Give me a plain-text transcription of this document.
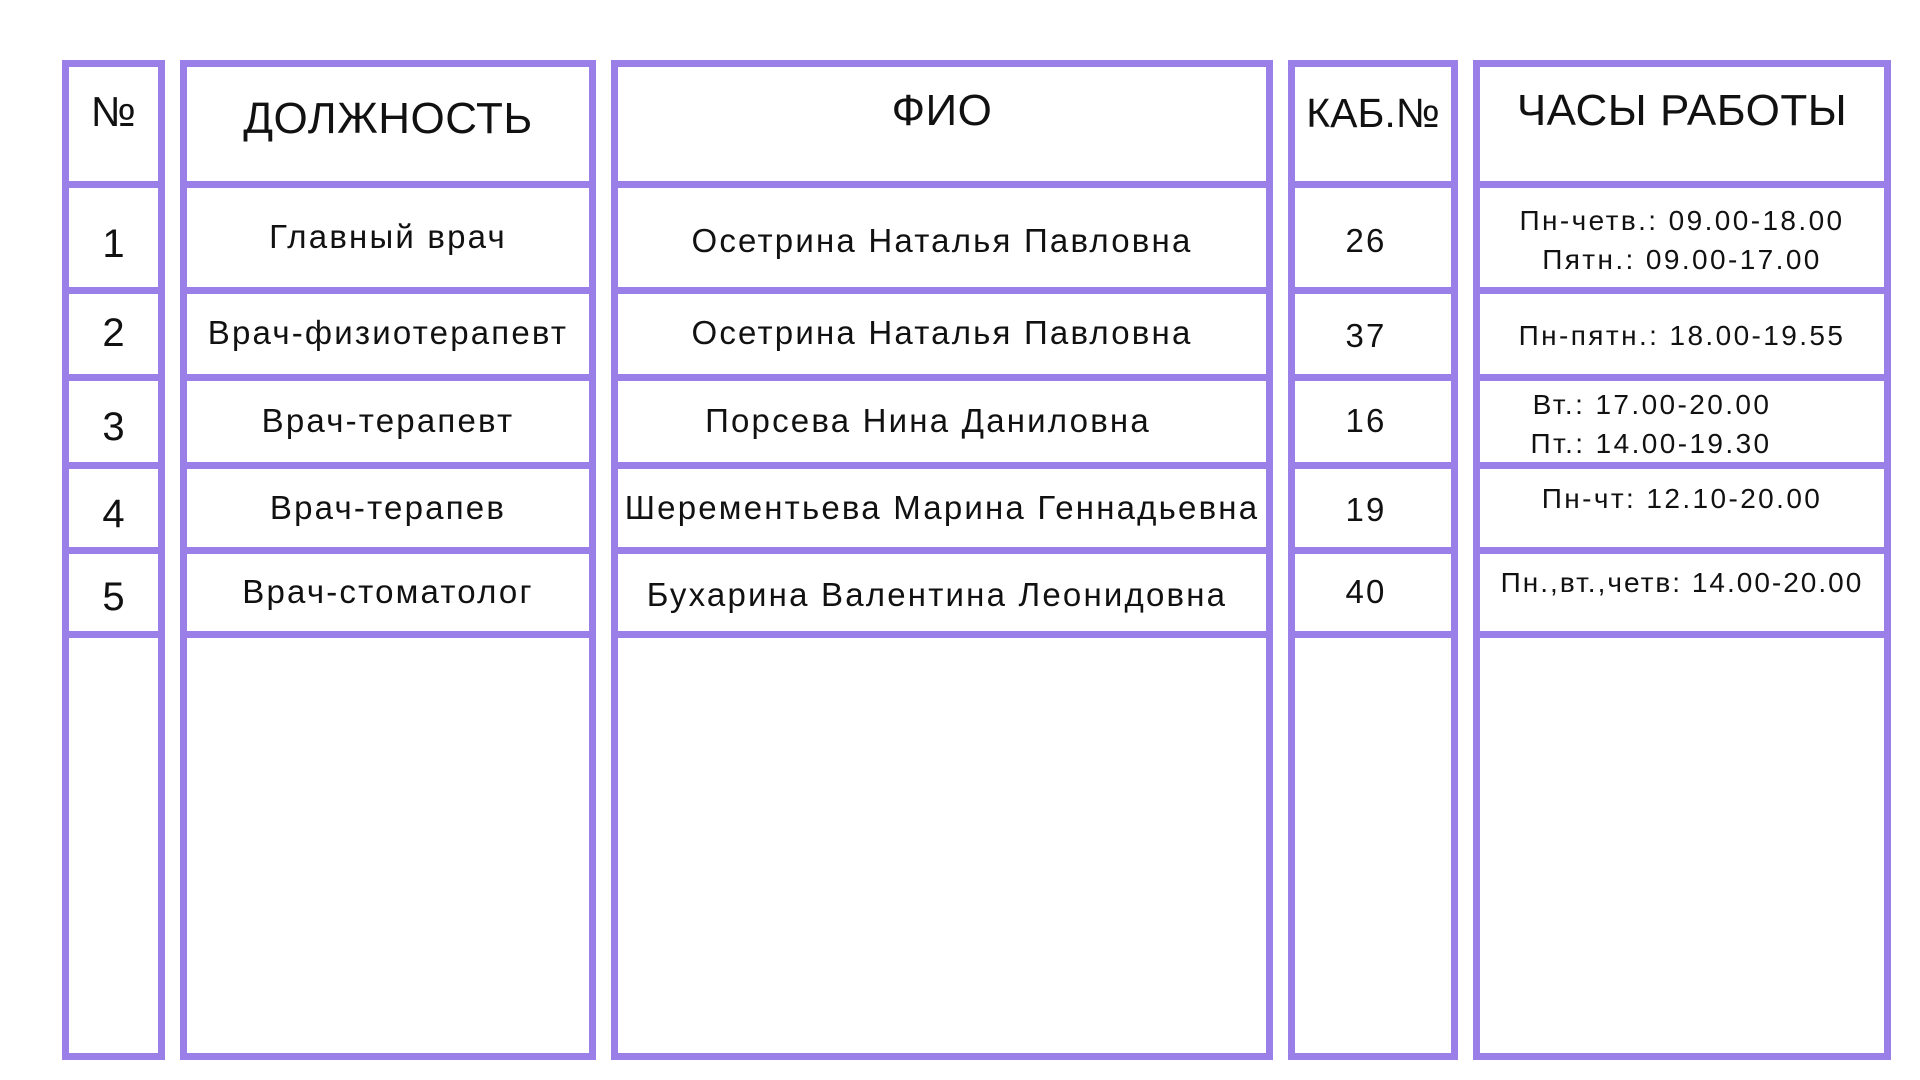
№
1
2
3
4
5
ДОЛЖНОСТЬ
Главный врач
Врач-физиотерапевт
Врач-терапевт
Врач-терапев
Врач-стоматолог
ФИО
Осетрина Наталья Павловна
Осетрина Наталья Павловна
Порсева Нина Даниловна
Шерементьева Марина Геннадьевна
Бухарина Валентина Леонидовна
КАБ.№
26
37
16
19
40
ЧАСЫ РАБОТЫ
Пн-четв.: 09.00-18.00
Пятн.: 09.00-17.00
Пн-пятн.: 18.00-19.55
Вт.: 17.00-20.00
Пт.: 14.00-19.30
Пн-чт: 12.10-20.00
Пн.,вт.,четв: 14.00-20.00
